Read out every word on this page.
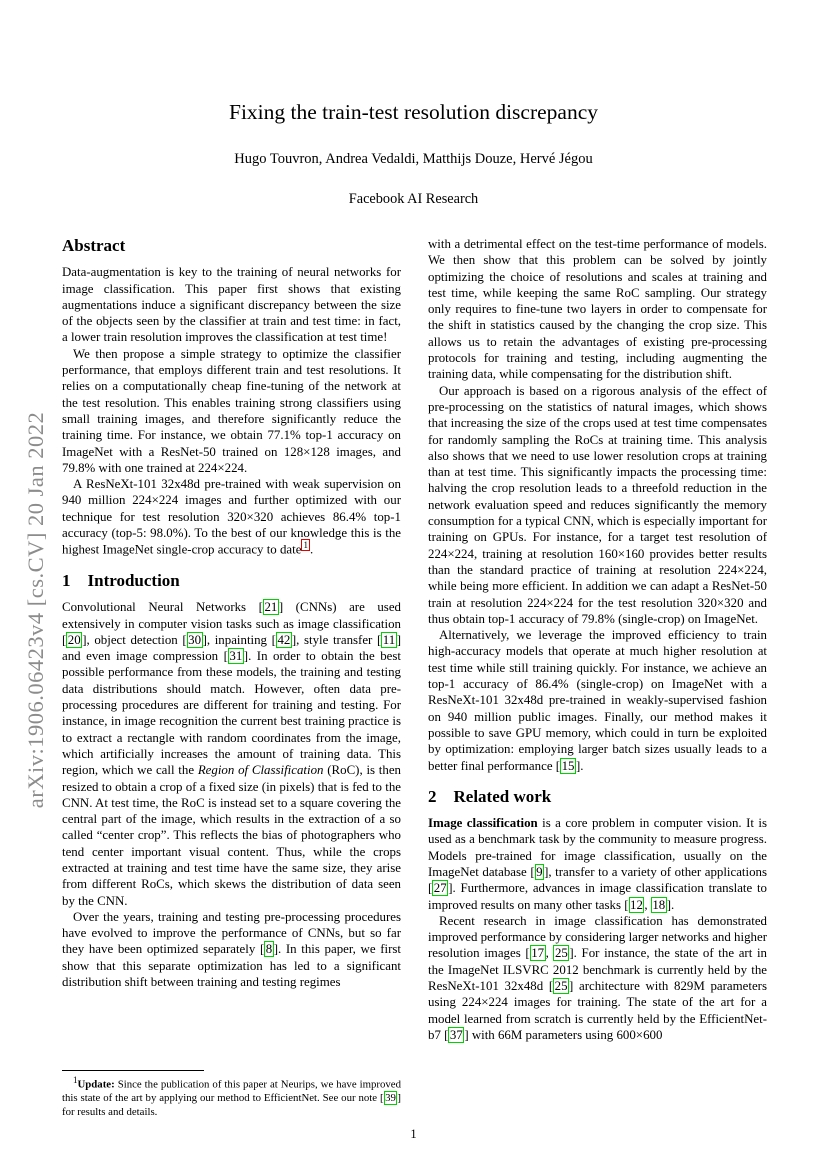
arXiv:1906.06423v4 [cs.CV] 20 Jan 2022
Fixing the train-test resolution discrepancy
Hugo Touvron, Andrea Vedaldi, Matthijs Douze, Hervé Jégou
Facebook AI Research
Abstract

Data-augmentation is key to the training of neural networks for image classification. This paper first shows that existing augmentations induce a significant discrepancy between the size of the objects seen by the classifier at train and test time: in fact, a lower train resolution improves the classification at test time!

We then propose a simple strategy to optimize the classifier performance, that employs different train and test resolutions. It relies on a computationally cheap fine-tuning of the network at the test resolution. This enables training strong classifiers using small training images, and therefore significantly reduce the training time. For instance, we obtain 77.1% top-1 accuracy on ImageNet with a ResNet-50 trained on 128×128 images, and 79.8% with one trained at 224×224.

A ResNeXt-101 32x48d pre-trained with weak supervision on 940 million 224×224 images and further optimized with our technique for test resolution 320×320 achieves 86.4% top-1 accuracy (top-5: 98.0%). To the best of our knowledge this is the highest ImageNet single-crop accuracy to date $^1$ .

1 Introduction

Convolutional Neural Networks [ 21 ] (CNNs) are used extensively in computer vision tasks such as image classification [ 20 ], object detection [ 30 ], inpainting [ 42 ], style transfer [ 11 ] and even image compression [ 31 ]. In order to obtain the best possible performance from these models, the training and testing data distributions should match. However, often data pre-processing procedures are different for training and testing. For instance, in image recognition the current best training practice is to extract a rectangle with random coordinates from the image, which artificially increases the amount of training data. This region, which we call the Region of Classification (RoC), is then resized to obtain a crop of a fixed size (in pixels) that is fed to the CNN. At test time, the RoC is instead set to a square covering the central part of the image, which results in the extraction of a so called “center crop”. This reflects the bias of photographers who tend center important visual content. Thus, while the crops extracted at training and test time have the same size, they arise from different RoCs, which skews the distribution of data seen by the CNN.

Over the years, training and testing pre-processing procedures have evolved to improve the performance of CNNs, but so far they have been optimized separately [ 8 ]. In this paper, we first show that this separate optimization has led to a significant distribution shift between training and testing regimes

with a detrimental effect on the test-time performance of models. We then show that this problem can be solved by jointly optimizing the choice of resolutions and scales at training and test time, while keeping the same RoC sampling. Our strategy only requires to fine-tune two layers in order to compensate for the shift in statistics caused by the changing the crop size. This allows us to retain the advantages of existing pre-processing protocols for training and testing, including augmenting the training data, while compensating for the distribution shift.

Our approach is based on a rigorous analysis of the effect of pre-processing on the statistics of natural images, which shows that increasing the size of the crops used at test time compensates for randomly sampling the RoCs at training time. This analysis also shows that we need to use lower resolution crops at training than at test time. This significantly impacts the processing time: halving the crop resolution leads to a threefold reduction in the network evaluation speed and reduces significantly the memory consumption for a typical CNN, which is especially important for training on GPUs. For instance, for a target test resolution of 224×224, training at resolution 160×160 provides better results than the standard practice of training at resolution 224×224, while being more efficient. In addition we can adapt a ResNet-50 train at resolution 224×224 for the test resolution 320×320 and thus obtain top-1 accuracy of 79.8% (single-crop) on ImageNet.

Alternatively, we leverage the improved efficiency to train high-accuracy models that operate at much higher resolution at test time while still training quickly. For instance, we achieve an top-1 accuracy of 86.4% (single-crop) on ImageNet with a ResNeXt-101 32x48d pre-trained in weakly-supervised fashion on 940 million public images. Finally, our method makes it possible to save GPU memory, which could in turn be exploited by optimization: employing larger batch sizes usually leads to a better final performance [ 15 ].

2 Related work

Image classification is a core problem in computer vision. It is used as a benchmark task by the community to measure progress. Models pre-trained for image classification, usually on the ImageNet database [ 9 ], transfer to a variety of other applications [ 27 ]. Furthermore, advances in image classification translate to improved results on many other tasks [ 12 , 18 ].

Recent research in image classification has demonstrated improved performance by considering larger networks and higher resolution images [ 17 , 25 ]. For instance, the state of the art in the ImageNet ILSVRC 2012 benchmark is currently held by the ResNeXt-101 32x48d [ 25 ] architecture with 829M parameters using 224×224 images for training. The state of the art for a model learned from scratch is currently held by the EfficientNet-b7 [ 37 ] with 66M parameters using 600×600

$^1$Update: Since the publication of this paper at Neurips, we have improved this state of the art by applying our method to EfficientNet. See our note [ 39 ] for results and details.

1
